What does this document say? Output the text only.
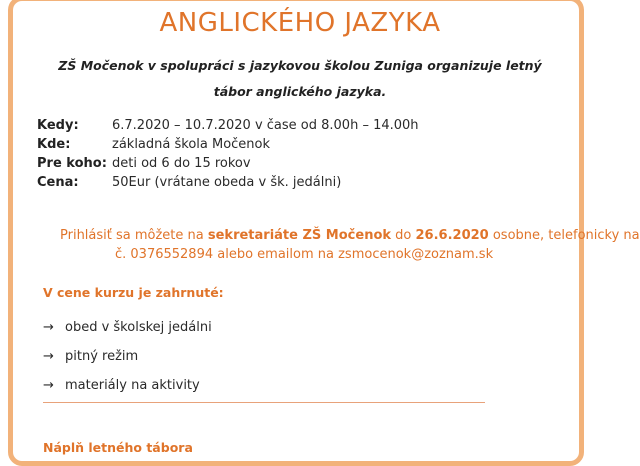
ANGLICKÉHO JAZYKA
ZŠ Močenok v spolupráci s jazykovou školou Zuniga organizuje letný
tábor anglického jazyka.
Kedy:	6.7.2020 – 10.7.2020 v čase od 8.00h – 14.00h
Kde:	základná škola Močenok
Pre koho: deti od 6 do 15 rokov
Cena:	50Eur (vrátane obeda v šk. jedálni)
Prihlásiť sa môžete na sekretariáte ZŠ Močenok do 26.6.2020 osobne, telefonicky na
č. 0376552894 alebo emailom na zsmocenok@zoznam.sk
V cene kurzu je zahrnuté:
→ obed v školskej jedálni
→ pitný režim
→ materiály na aktivity
Náplň letného tábora
